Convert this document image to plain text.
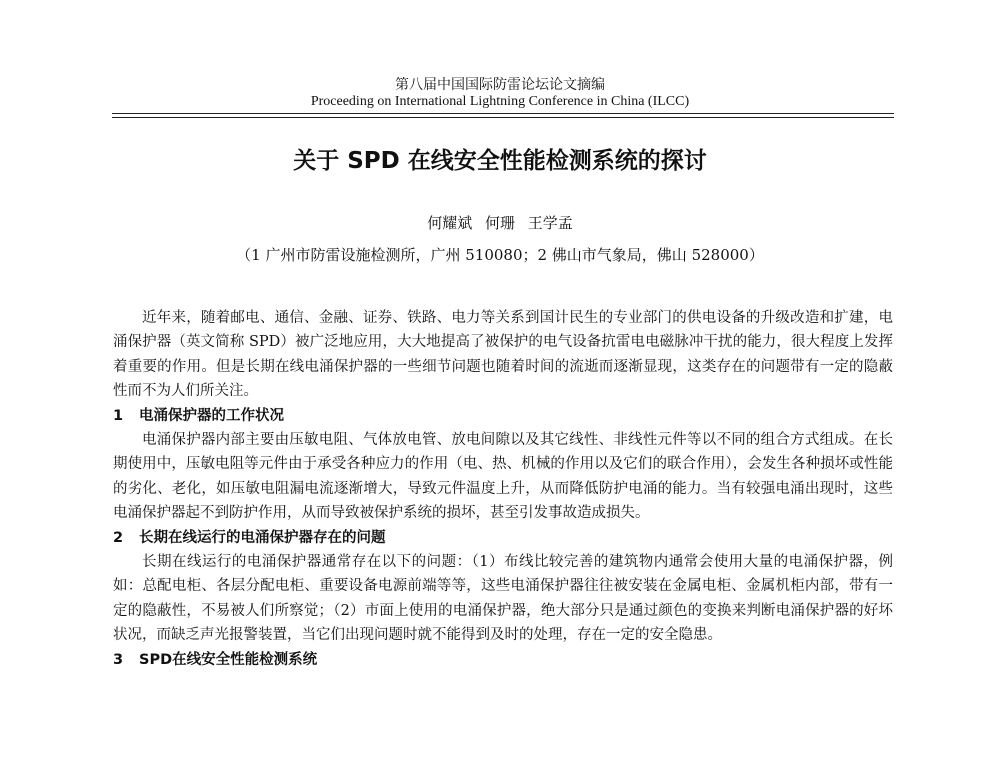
第八届中国国际防雷论坛论文摘编
Proceeding on International Lightning Conference in China (ILCC)
关于 SPD 在线安全性能检测系统的探讨
何耀斌 何珊 王学孟
（1 广州市防雷设施检测所，广州 510080；2 佛山市气象局，佛山 528000）

近年来，随着邮电、通信、金融、证券、铁路、电力等关系到国计民生的专业部门的供电设备的升级改造和扩建，电涌保护器（英文简称 SPD）被广泛地应用，大大地提高了被保护的电气设备抗雷电电磁脉冲干扰的能力，很大程度上发挥着重要的作用。但是长期在线电涌保护器的一些细节问题也随着时间的流逝而逐渐显现，这类存在的问题带有一定的隐蔽性而不为人们所关注。

1 电涌保护器的工作状况

电涌保护器内部主要由压敏电阻、气体放电管、放电间隙以及其它线性、非线性元件等以不同的组合方式组成。在长期使用中，压敏电阻等元件由于承受各种应力的作用（电、热、机械的作用以及它们的联合作用），会发生各种损坏或性能的劣化、老化，如压敏电阻漏电流逐渐增大，导致元件温度上升，从而降低防护电涌的能力。当有较强电涌出现时，这些电涌保护器起不到防护作用，从而导致被保护系统的损坏，甚至引发事故造成损失。

2 长期在线运行的电涌保护器存在的问题

长期在线运行的电涌保护器通常存在以下的问题：（1）布线比较完善的建筑物内通常会使用大量的电涌保护器，例如：总配电柜、各层分配电柜、重要设备电源前端等等，这些电涌保护器往往被安装在金属电柜、金属机柜内部，带有一定的隐蔽性，不易被人们所察觉；（2）市面上使用的电涌保护器，绝大部分只是通过颜色的变换来判断电涌保护器的好坏状况，而缺乏声光报警装置，当它们出现问题时就不能得到及时的处理，存在一定的安全隐患。

3 SPD在线安全性能检测系统
